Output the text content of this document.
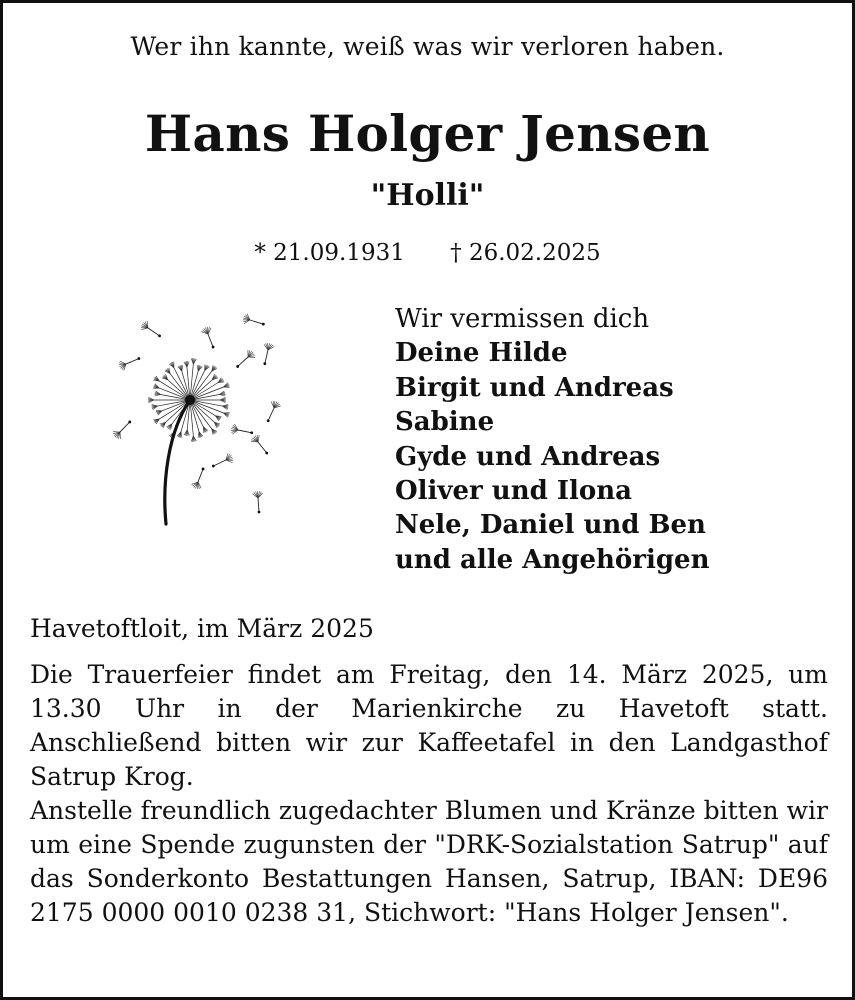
Wer ihn kannte, weiß was wir verloren haben.
Hans Holger Jensen
"Holli"
* 21.09.1931 † 26.02.2025
Wir vermissen dich
Deine Hilde
Birgit und Andreas
Sabine
Gyde und Andreas
Oliver und Ilona
Nele, Daniel und Ben
und alle Angehörigen
Havetoftloit, im März 2025

Die Trauerfeier findet am Freitag, den 14. März 2025, um 13.30 Uhr in der Marienkirche zu Havetoft statt. Anschließend bitten wir zur Kaffeetafel in den Landgasthof Satrup Krog.

Anstelle freundlich zugedachter Blumen und Kränze bitten wir um eine Spende zugunsten der "DRK-Sozialstation Satrup" auf das Sonderkonto Bestattungen Hansen, Satrup, IBAN: DE96 2175 0000 0010 0238 31, Stichwort: "Hans Holger Jensen".
